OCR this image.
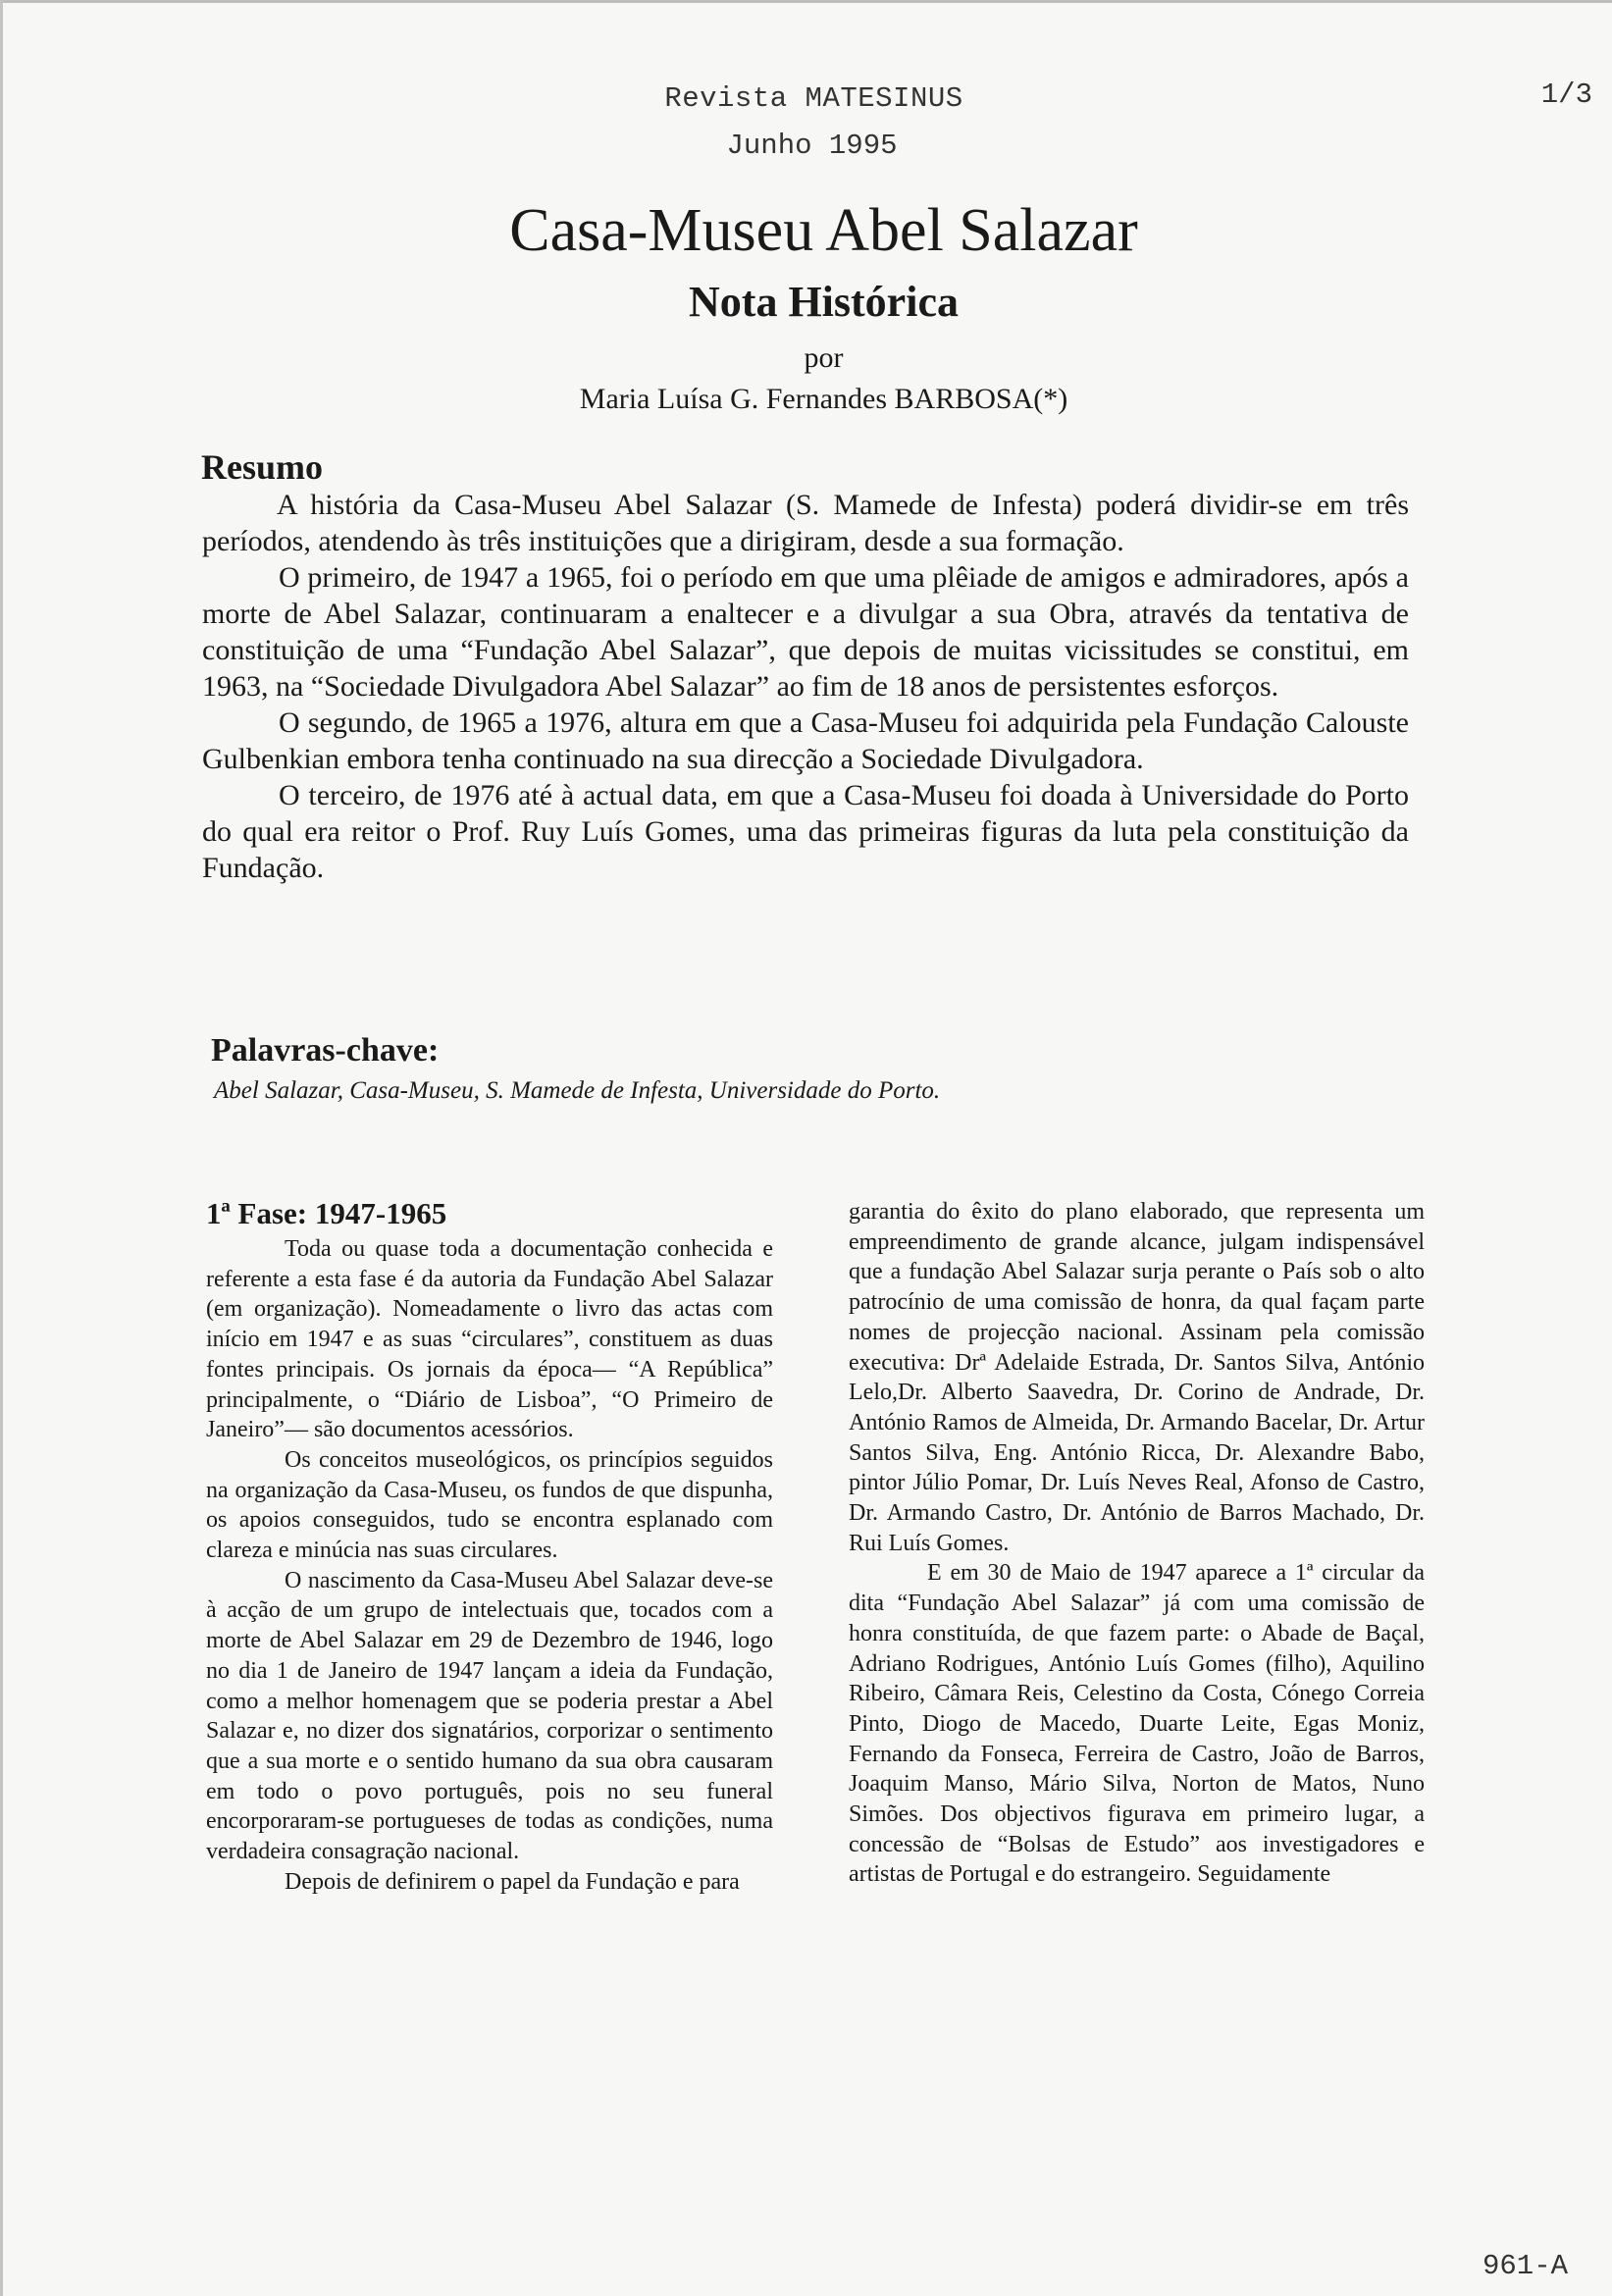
Revista MATESINUS
Junho 1995
1/3
Casa-Museu Abel Salazar
Nota Histórica
por
Maria Luísa G. Fernandes BARBOSA(*)
Resumo

A história da Casa-Museu Abel Salazar (S. Mamede de Infesta) poderá dividir-se em três períodos, atendendo às três instituições que a dirigiram, desde a sua formação.

O primeiro, de 1947 a 1965, foi o período em que uma plêiade de amigos e admiradores, após a morte de Abel Salazar, continuaram a enaltecer e a divulgar a sua Obra, através da tentativa de constituição de uma “Fundação Abel Salazar”, que depois de muitas vicissitudes se constitui, em 1963, na “Sociedade Divulgadora Abel Salazar” ao fim de 18 anos de persistentes esforços.

O segundo, de 1965 a 1976, altura em que a Casa-Museu foi adquirida pela Fundação Calouste Gulbenkian embora tenha continuado na sua direcção a Sociedade Divulgadora.

O terceiro, de 1976 até à actual data, em que a Casa-Museu foi doada à Universidade do Porto do qual era reitor o Prof. Ruy Luís Gomes, uma das primeiras figuras da luta pela constituição da Fundação.

Palavras-chave:
Abel Salazar, Casa-Museu, S. Mamede de Infesta, Universidade do Porto.
1ª Fase: 1947-1965

Toda ou quase toda a documentação conhecida e referente a esta fase é da autoria da Fundação Abel Salazar (em organização). Nomeadamente o livro das actas com início em 1947 e as suas “circulares”, constituem as duas fontes principais. Os jornais da época— “A República” principalmente, o “Diário de Lisboa”, “O Primeiro de Janeiro”— são documentos acessórios.

Os conceitos museológicos, os princípios seguidos na organização da Casa-Museu, os fundos de que dispunha, os apoios conseguidos, tudo se encontra esplanado com clareza e minúcia nas suas circulares.

O nascimento da Casa-Museu Abel Salazar deve-se à acção de um grupo de intelectuais que, tocados com a morte de Abel Salazar em 29 de Dezembro de 1946, logo no dia 1 de Janeiro de 1947 lançam a ideia da Fundação, como a melhor homenagem que se poderia prestar a Abel Salazar e, no dizer dos signatários, corporizar o sentimento que a sua morte e o sentido humano da sua obra causaram em todo o povo português, pois no seu funeral encorporaram-se portugueses de todas as condições, numa verdadeira consagração nacional.

Depois de definirem o papel da Fundação e para

garantia do êxito do plano elaborado, que representa um empreendimento de grande alcance, julgam indispensável que a fundação Abel Salazar surja perante o País sob o alto patrocínio de uma comissão de honra, da qual façam parte nomes de projecção nacional. Assinam pela comissão executiva: Drª Adelaide Estrada, Dr. Santos Silva, António Lelo,Dr. Alberto Saavedra, Dr. Corino de Andrade, Dr. António Ramos de Almeida, Dr. Armando Bacelar, Dr. Artur Santos Silva, Eng. António Ricca, Dr. Alexandre Babo, pintor Júlio Pomar, Dr. Luís Neves Real, Afonso de Castro, Dr. Armando Castro, Dr. António de Barros Machado, Dr. Rui Luís Gomes.

E em 30 de Maio de 1947 aparece a 1ª circular da dita “Fundação Abel Salazar” já com uma comissão de honra constituída, de que fazem parte: o Abade de Baçal, Adriano Rodrigues, António Luís Gomes (filho), Aquilino Ribeiro, Câmara Reis, Celestino da Costa, Cónego Correia Pinto, Diogo de Macedo, Duarte Leite, Egas Moniz, Fernando da Fonseca, Ferreira de Castro, João de Barros, Joaquim Manso, Mário Silva, Norton de Matos, Nuno Simões. Dos objectivos figurava em primeiro lugar, a concessão de “Bolsas de Estudo” aos investigadores e artistas de Portugal e do estrangeiro. Seguidamente

961-A
